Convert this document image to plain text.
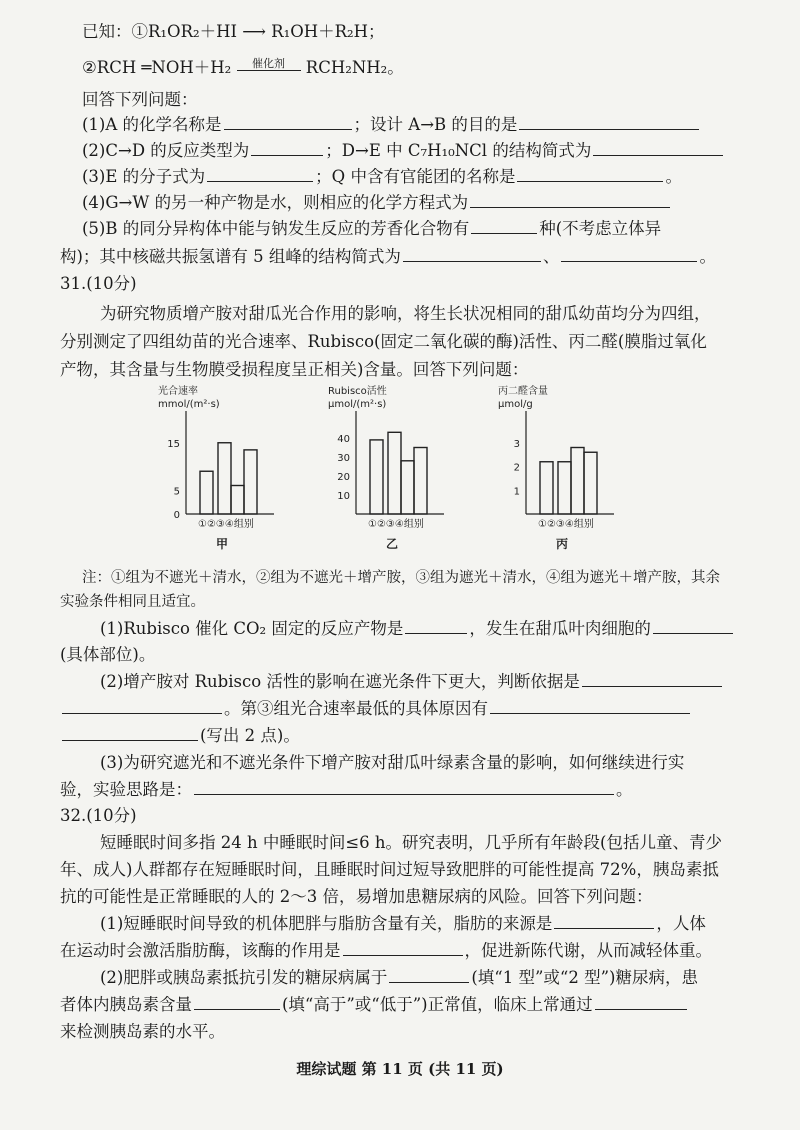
已知：①R₁OR₂＋HI ⟶ R₁OH＋R₂H；
②RCH ═NOH＋H₂	催化剂	RCH₂NH₂。
回答下列问题：
(1)A 的化学名称是	；设计 A→B 的目的是
(2)C→D 的反应类型为	；D→E 中 C₇H₁₀NCl 的结构简式为
(3)E 的分子式为	；Q 中含有官能团的名称是	。
(4)G→W 的另一种产物是水，则相应的化学方程式为
(5)B 的同分异构体中能与钠发生反应的芳香化合物有	种(不考虑立体异
构)；其中核磁共振氢谱有 5 组峰的结构简式为	、	。
31.(10分)
为研究物质增产胺对甜瓜光合作用的影响，将生长状况相同的甜瓜幼苗均分为四组，
分别测定了四组幼苗的光合速率、Rubisco(固定二氧化碳的酶)活性、丙二醛(膜脂过氧化
产物，其含量与生物膜受损程度呈正相关)含量。回答下列问题：
光合速率
mmol/(m²·s)
0
5
15
①②③④组别
甲
Rubisco活性
μmol/(m²·s)
10
20
30
40
①②③④组别
乙
丙二醛含量
μmol/g
1
2
3
①②③④组别
丙
注：①组为不遮光＋清水，②组为不遮光＋增产胺，③组为遮光＋清水，④组为遮光＋增产胺，其余
实验条件相同且适宜。
(1)Rubisco 催化 CO₂ 固定的反应产物是	，发生在甜瓜叶肉细胞的
(具体部位)。
(2)增产胺对 Rubisco 活性的影响在遮光条件下更大，判断依据是
。第③组光合速率最低的具体原因有
(写出 2 点)。
(3)为研究遮光和不遮光条件下增产胺对甜瓜叶绿素含量的影响，如何继续进行实
验，实验思路是：	。
32.(10分)
短睡眠时间多指 24 h 中睡眠时间≤6 h。研究表明，几乎所有年龄段(包括儿童、青少
年、成人)人群都存在短睡眠时间，且睡眠时间过短导致肥胖的可能性提高 72%，胰岛素抵
抗的可能性是正常睡眠的人的 2～3 倍，易增加患糖尿病的风险。回答下列问题：
(1)短睡眠时间导致的机体肥胖与脂肪含量有关，脂肪的来源是	，人体
在运动时会激活脂肪酶，该酶的作用是	，促进新陈代谢，从而减轻体重。
(2)肥胖或胰岛素抵抗引发的糖尿病属于	(填“1 型”或“2 型”)糖尿病，患
者体内胰岛素含量	(填“高于”或“低于”)正常值，临床上常通过
来检测胰岛素的水平。
理综试题 第 11 页 (共 11 页)
